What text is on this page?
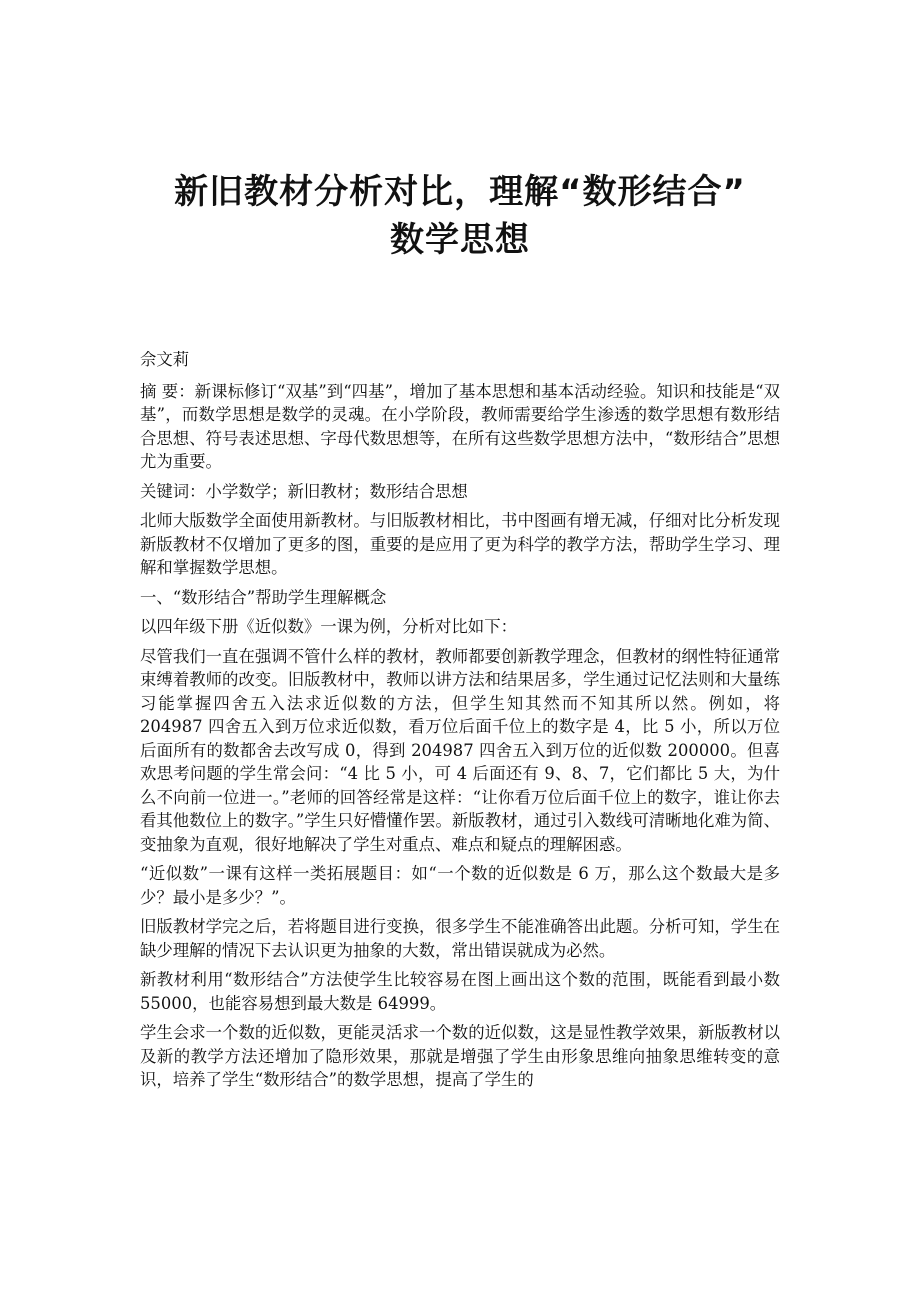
新旧教材分析对比，理解“数形结合”
数学思想

佘文莉

摘 要：新课标修订“双基”到“四基”，增加了基本思想和基本活动经验。知识和技能是“双基”，而数学思想是数学的灵魂。在小学阶段，教师需要给学生渗透的数学思想有数形结合思想、符号表述思想、字母代数思想等，在所有这些数学思想方法中，“数形结合”思想尤为重要。

关键词：小学数学；新旧教材；数形结合思想

北师大版数学全面使用新教材。与旧版教材相比，书中图画有增无减，仔细对比分析发现新版教材不仅增加了更多的图，重要的是应用了更为科学的教学方法，帮助学生学习、理解和掌握数学思想。

一、“数形结合”帮助学生理解概念

以四年级下册《近似数》一课为例，分析对比如下：

尽管我们一直在强调不管什么样的教材，教师都要创新教学理念，但教材的纲性特征通常束缚着教师的改变。旧版教材中，教师以讲方法和结果居多，学生通过记忆法则和大量练习能掌握四舍五入法求近似数的方法，但学生知其然而不知其所以然。例如，将 204987 四舍五入到万位求近似数，看万位后面千位上的数字是 4，比 5 小，所以万位后面所有的数都舍去改写成 0，得到 204987 四舍五入到万位的近似数 200000。但喜欢思考问题的学生常会问：“4 比 5 小，可 4 后面还有 9、8、7，它们都比 5 大，为什么不向前一位进一。”老师的回答经常是这样：“让你看万位后面千位上的数字，谁让你去看其他数位上的数字。”学生只好懵懂作罢。新版教材，通过引入数线可清晰地化难为简、变抽象为直观，很好地解决了学生对重点、难点和疑点的理解困惑。

“近似数”一课有这样一类拓展题目：如“一个数的近似数是 6 万，那么这个数最大是多少？最小是多少？”。

旧版教材学完之后，若将题目进行变换，很多学生不能准确答出此题。分析可知，学生在缺少理解的情况下去认识更为抽象的大数，常出错误就成为必然。

新教材利用“数形结合”方法使学生比较容易在图上画出这个数的范围，既能看到最小数 55000，也能容易想到最大数是 64999。

学生会求一个数的近似数，更能灵活求一个数的近似数，这是显性教学效果，新版教材以及新的教学方法还增加了隐形效果，那就是增强了学生由形象思维向抽象思维转变的意识，培养了学生“数形结合”的数学思想，提高了学生的
